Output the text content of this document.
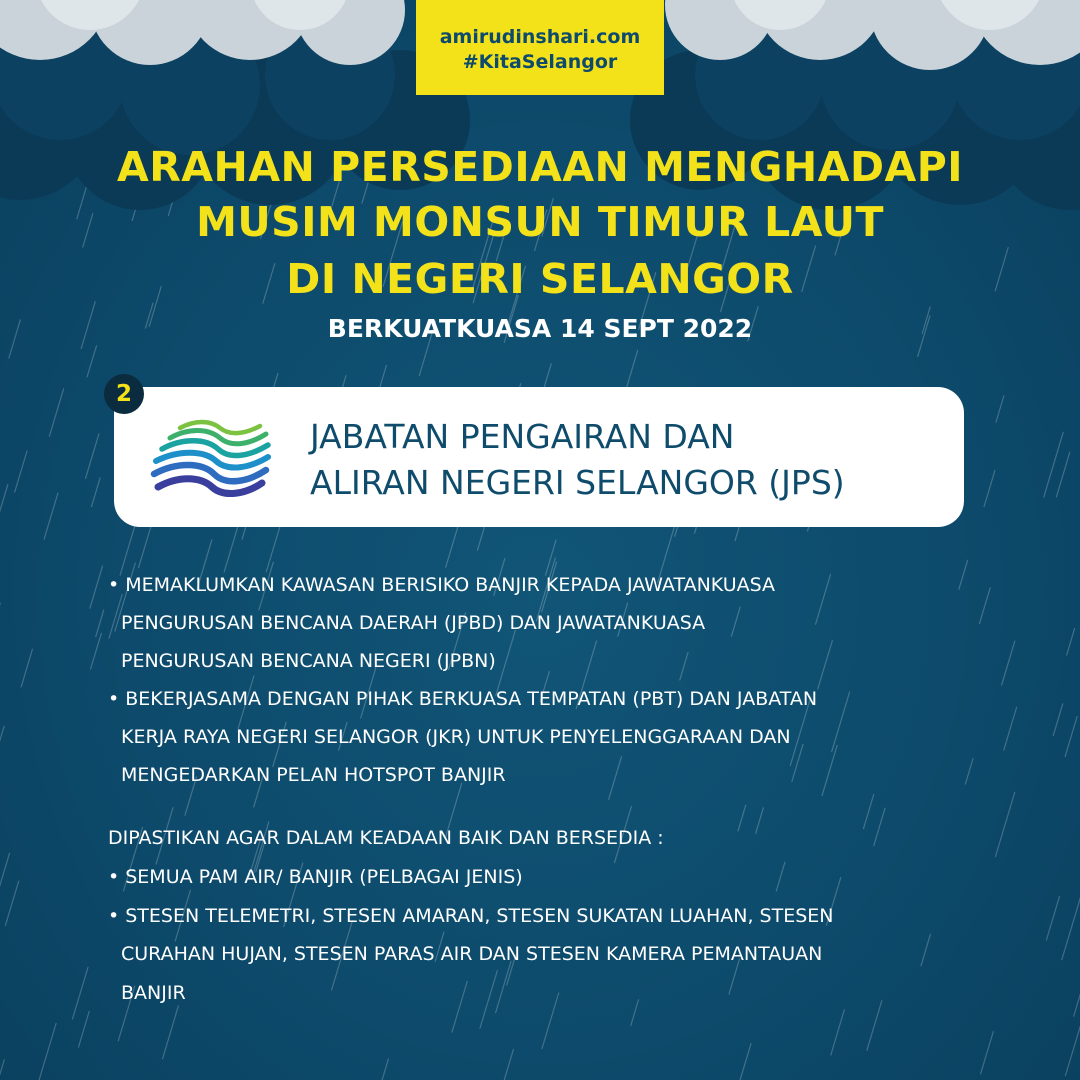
amirudinshari.com
#KitaSelangor
ARAHAN PERSEDIAAN MENGHADAPI
MUSIM MONSUN TIMUR LAUT
DI NEGERI SELANGOR
BERKUATKUASA 14 SEPT 2022
2
JABATAN PENGAIRAN DAN
ALIRAN NEGERI SELANGOR (JPS)
• MEMAKLUMKAN KAWASAN BERISIKO BANJIR KEPADA JAWATANKUASA
PENGURUSAN BENCANA DAERAH (JPBD) DAN JAWATANKUASA
PENGURUSAN BENCANA NEGERI (JPBN)
• BEKERJASAMA DENGAN PIHAK BERKUASA TEMPATAN (PBT) DAN JABATAN
KERJA RAYA NEGERI SELANGOR (JKR) UNTUK PENYELENGGARAAN DAN
MENGEDARKAN PELAN HOTSPOT BANJIR
DIPASTIKAN AGAR DALAM KEADAAN BAIK DAN BERSEDIA :
• SEMUA PAM AIR/ BANJIR (PELBAGAI JENIS)
• STESEN TELEMETRI, STESEN AMARAN, STESEN SUKATAN LUAHAN, STESEN
CURAHAN HUJAN, STESEN PARAS AIR DAN STESEN KAMERA PEMANTAUAN
BANJIR
